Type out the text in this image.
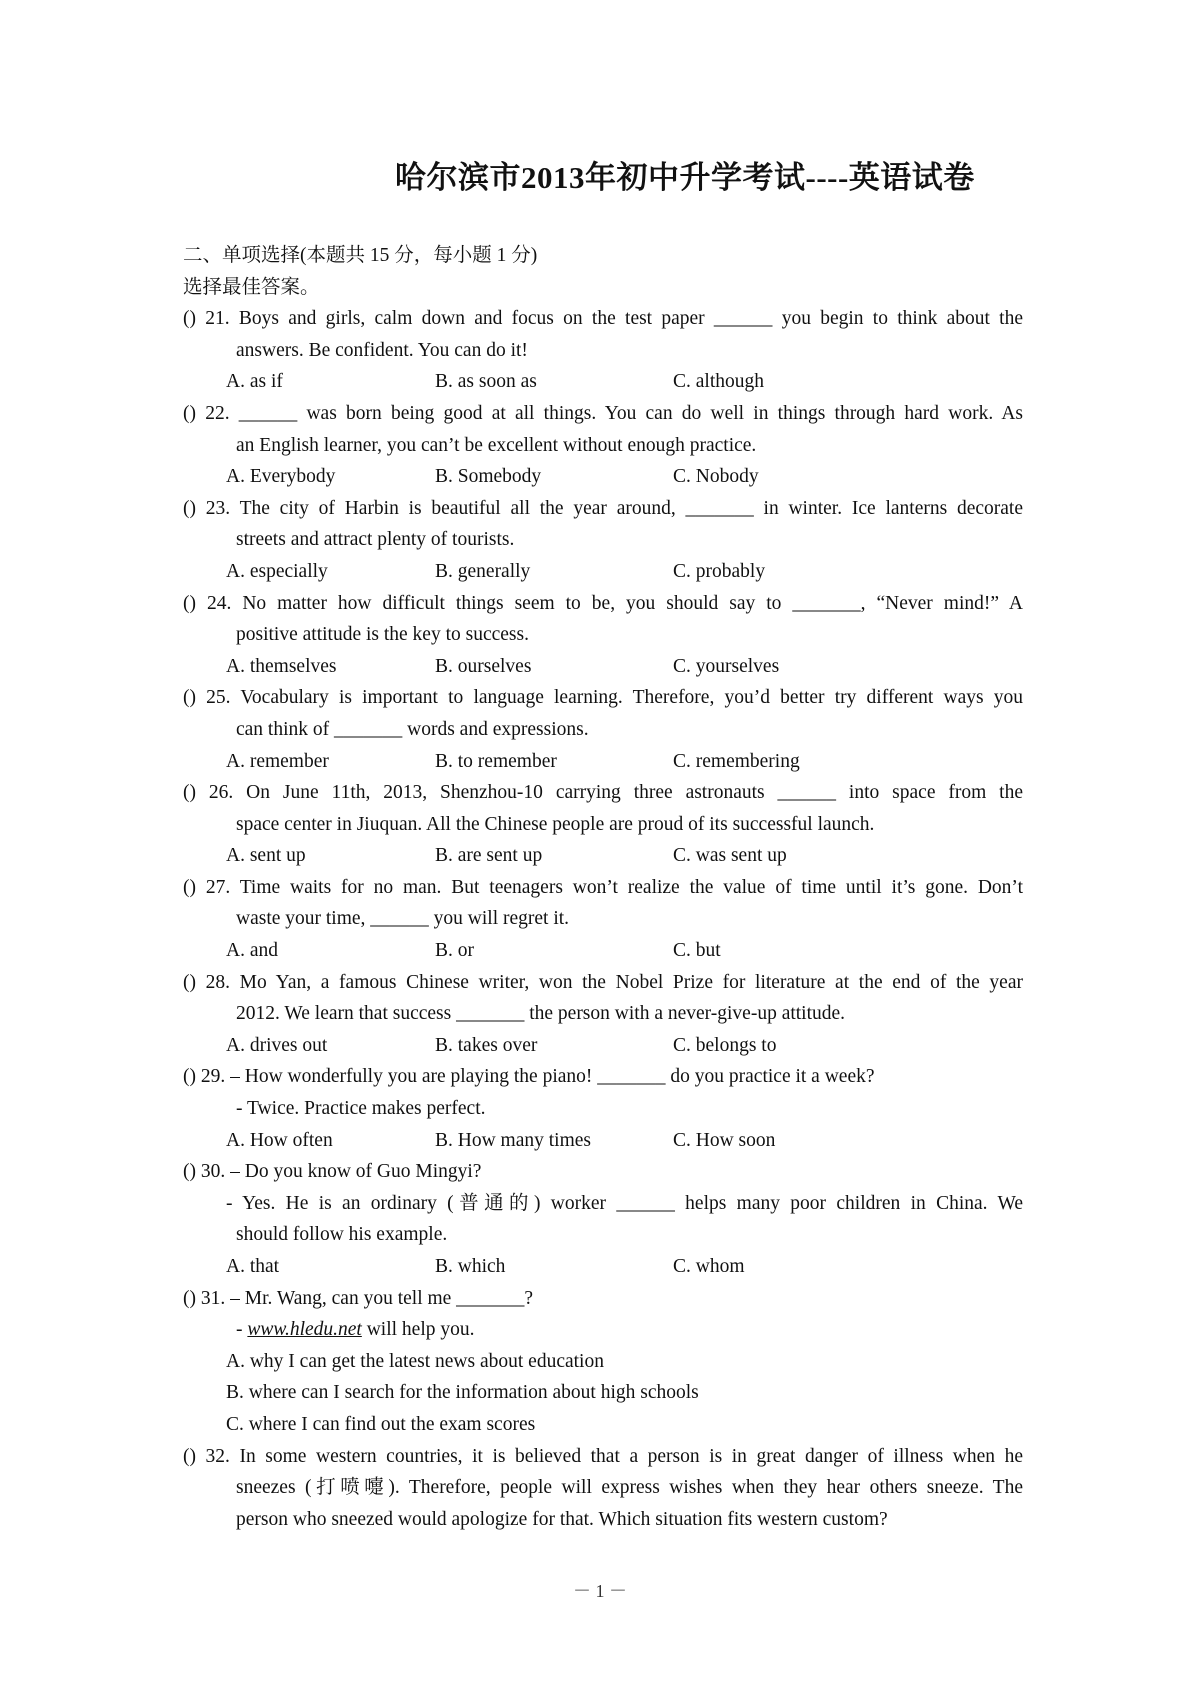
哈尔滨市2013年初中升学考试----英语试卷
二、单项选择(本题共 15 分，每小题 1 分)
选择最佳答案。
() 21. Boys and girls, calm down and focus on the test paper ______ you begin to think about the
answers. Be confident. You can do it!
A. as if	B. as soon as	C. although
() 22. ______ was born being good at all things. You can do well in things through hard work. As
an English learner, you can’t be excellent without enough practice.
A. Everybody	B. Somebody	C. Nobody
() 23. The city of Harbin is beautiful all the year around, _______ in winter. Ice lanterns decorate
streets and attract plenty of tourists.
A. especially	B. generally	C. probably
() 24. No matter how difficult things seem to be, you should say to _______, “Never mind!” A
positive attitude is the key to success.
A. themselves	B. ourselves	C. yourselves
() 25. Vocabulary is important to language learning. Therefore, you’d better try different ways you
can think of _______ words and expressions.
A. remember	B. to remember	C. remembering
() 26. On June 11th, 2013, Shenzhou-10 carrying three astronauts ______ into space from the
space center in Jiuquan. All the Chinese people are proud of its successful launch.
A. sent up	B. are sent up	C. was sent up
() 27. Time waits for no man. But teenagers won’t realize the value of time until it’s gone. Don’t
waste your time, ______ you will regret it.
A. and	B. or	C. but
() 28. Mo Yan, a famous Chinese writer, won the Nobel Prize for literature at the end of the year
2012. We learn that success _______ the person with a never-give-up attitude.
A. drives out	B. takes over	C. belongs to
() 29. – How wonderfully you are playing the piano! _______ do you practice it a week?
- Twice. Practice makes perfect.
A. How often	B. How many times	C. How soon
() 30. – Do you know of Guo Mingyi?
- Yes. He is an ordinary (普通的) worker ______ helps many poor children in China. We
should follow his example.
A. that	B. which	C. whom
() 31. – Mr. Wang, can you tell me _______?
- www.hledu.net will help you.
A. why I can get the latest news about education
B. where can I search for the information about high schools
C. where I can find out the exam scores
() 32. In some western countries, it is believed that a person is in great danger of illness when he
sneezes (打喷嚏). Therefore, people will express wishes when they hear others sneeze. The
person who sneezed would apologize for that. Which situation fits western custom?
－ 1 －
